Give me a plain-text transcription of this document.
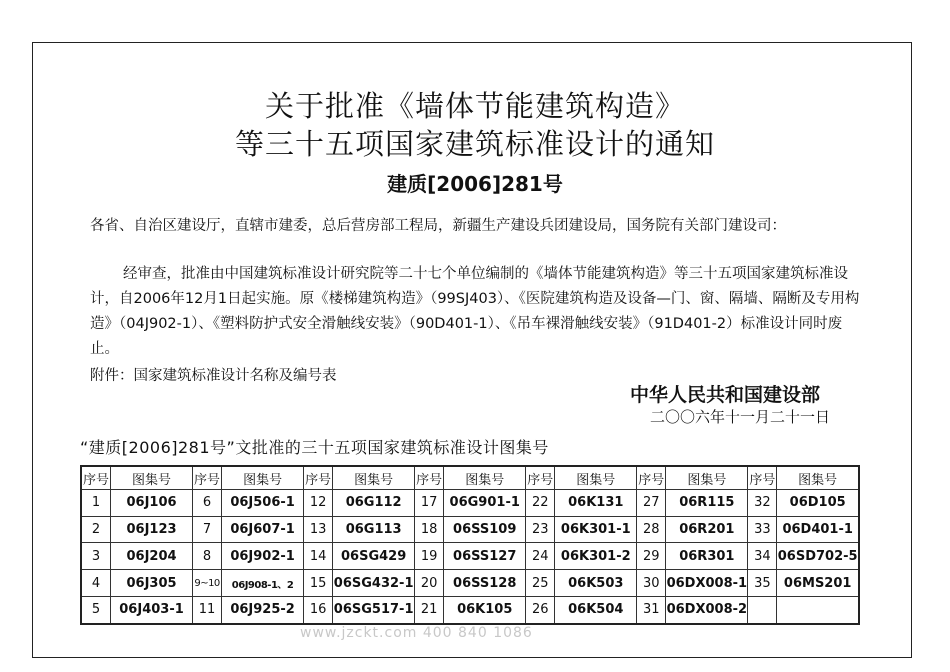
关于批准《墙体节能建筑构造》
等三十五项国家建筑标准设计的通知
建质[2006]281号
各省、自治区建设厅，直辖市建委，总后营房部工程局，新疆生产建设兵团建设局，国务院有关部门建设司：
经审查，批准由中国建筑标准设计研究院等二十七个单位编制的《墙体节能建筑构造》等三十五项国家建筑标准设计，自2006年12月1日起实施。原《楼梯建筑构造》（99SJ403）、《医院建筑构造及设备—门、窗、隔墙、隔断及专用构造》（04J902-1）、《塑料防护式安全滑触线安装》（90D401-1）、《吊车裸滑触线安装》（91D401-2）标准设计同时废止。
附件：国家建筑标准设计名称及编号表
中华人民共和国建设部
二〇〇六年十一月二十一日
“建质[2006]281号”文批准的三十五项国家建筑标准设计图集号
序号	图集号	序号	图集号	序号	图集号	序号	图集号	序号	图集号	序号	图集号	序号	图集号
1	06J106	6	06J506-1	12	06G112	17	06G901-1	22	06K131	27	06R115	32	06D105
2	06J123	7	06J607-1	13	06G113	18	06SS109	23	06K301-1	28	06R201	33	06D401-1
3	06J204	8	06J902-1	14	06SG429	19	06SS127	24	06K301-2	29	06R301	34	06SD702-5
4	06J305	9~10	06J908-1、2	15	06SG432-1	20	06SS128	25	06K503	30	06DX008-1	35	06MS201
5	06J403-1	11	06J925-2	16	06SG517-1	21	06K105	26	06K504	31	06DX008-2		
www.jzckt.com 400 840 1086
